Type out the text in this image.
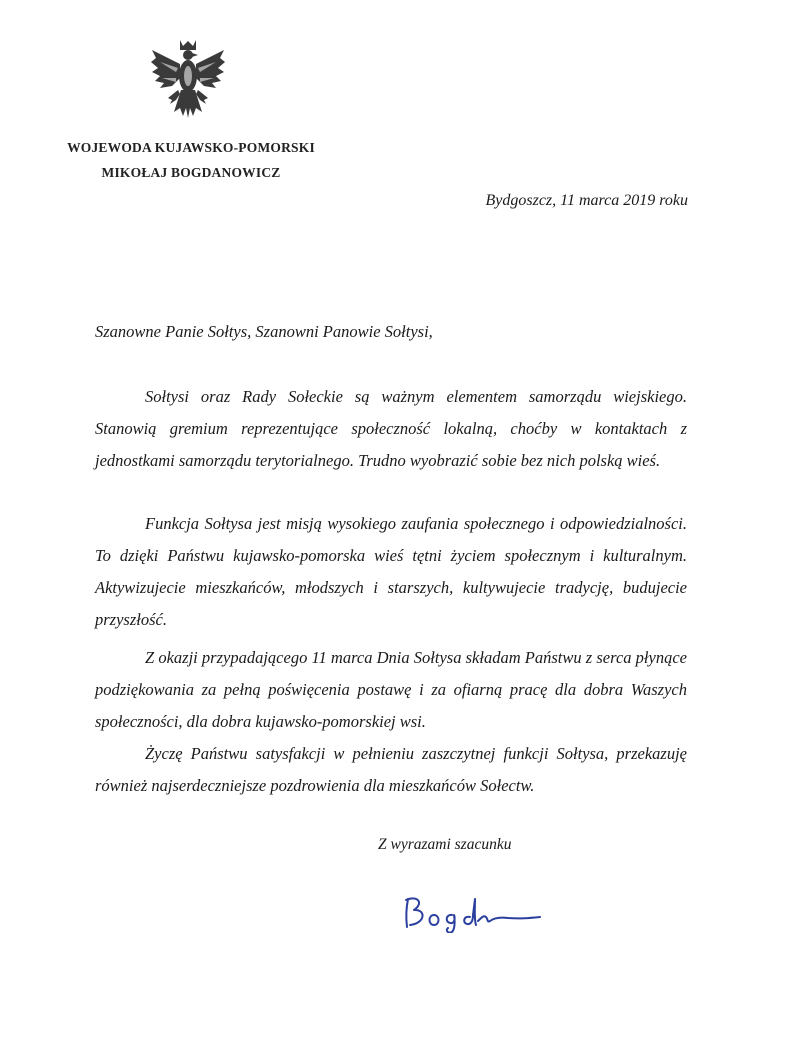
WOJEWODA KUJAWSKO-POMORSKI
MIKOŁAJ BOGDANOWICZ
Bydgoszcz, 11 marca 2019 roku
Szanowne Panie Sołtys, Szanowni Panowie Sołtysi,

Sołtysi oraz Rady Sołeckie są ważnym elementem samorządu wiejskiego. Stanowią gremium reprezentujące społeczność lokalną, choćby w kontaktach z jednostkami samorządu terytorialnego. Trudno wyobrazić sobie bez nich polską wieś.

Funkcja Sołtysa jest misją wysokiego zaufania społecznego i odpowiedzialności. To dzięki Państwu kujawsko-pomorska wieś tętni życiem społecznym i kulturalnym. Aktywizujecie mieszkańców, młodszych i starszych, kultywujecie tradycję, budujecie przyszłość.

Z okazji przypadającego 11 marca Dnia Sołtysa składam Państwu z serca płynące podziękowania za pełną poświęcenia postawę i za ofiarną pracę dla dobra Waszych społeczności, dla dobra kujawsko-pomorskiej wsi.

Życzę Państwu satysfakcji w pełnieniu zaszczytnej funkcji Sołtysa, przekazuję również najserdeczniejsze pozdrowienia dla mieszkańców Sołectw.

Z wyrazami szacunku
